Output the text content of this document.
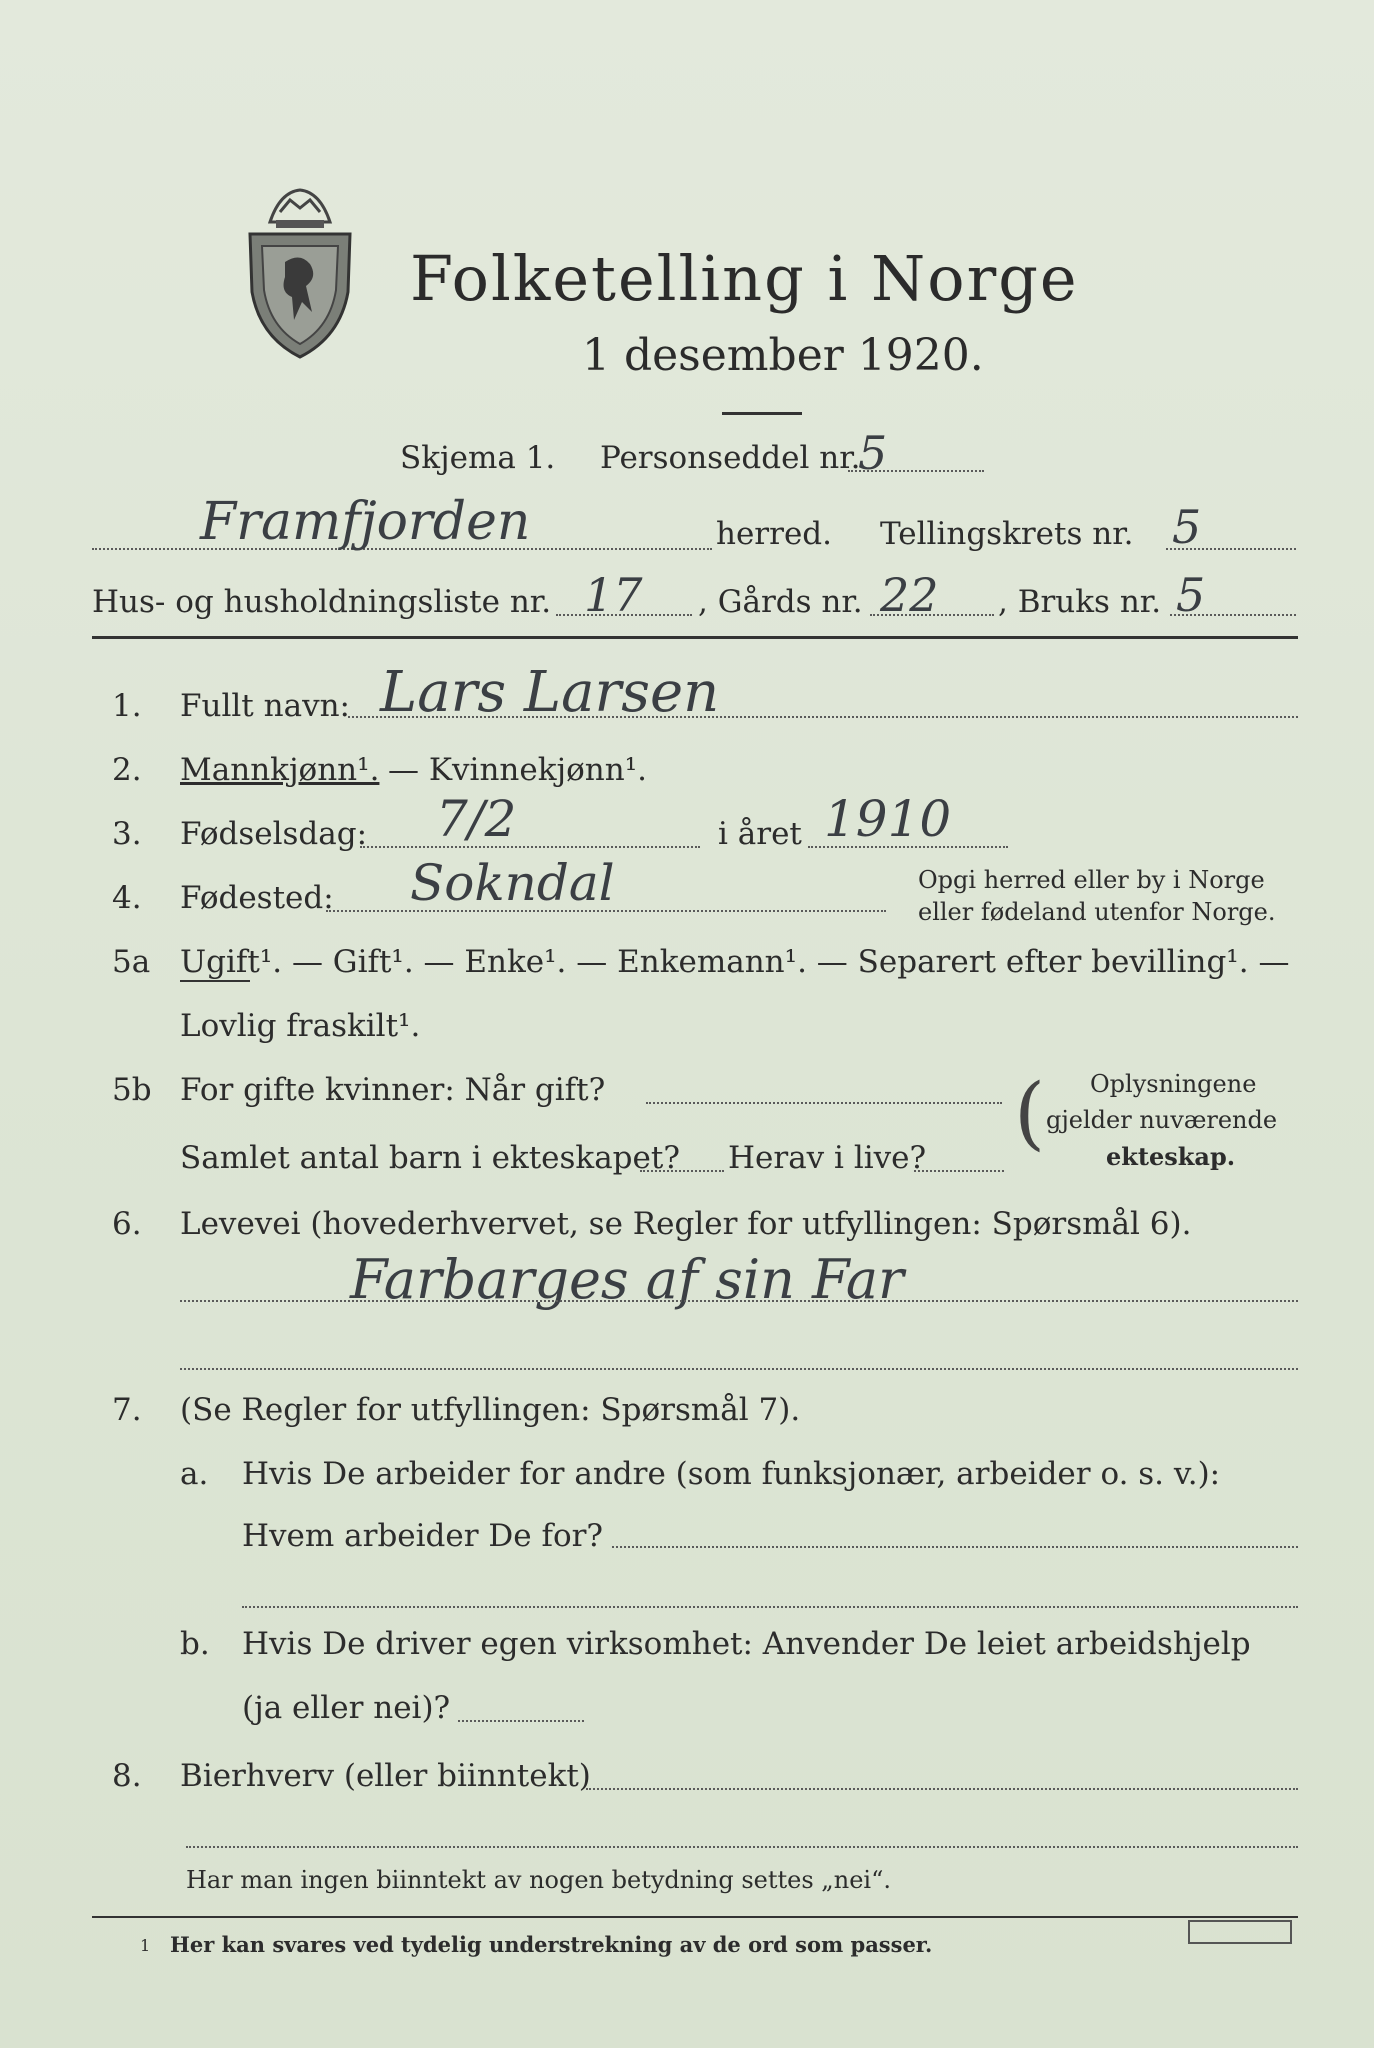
Folketelling i Norge
1 desember 1920.
Skjema 1. Personseddel nr.
5
Framfjorden	herred. Tellingskrets nr. 5
Hus- og husholdningsliste nr. 17 , Gårds nr. 22 , Bruks nr. 5
1. Fullt navn: Lars Larsen
2. Mannkjønn¹. — Kvinnekjønn¹.
3. Fødselsdag: 7/2	i året 1910
4. Fødested: Sokndal	Opgi herred eller by i Norge
eller fødeland utenfor Norge.
5a Ugift¹. — Gift¹. — Enke¹. — Enkemann¹. — Separert efter bevilling¹. —
Lovlig fraskilt¹.
5b For gifte kvinner: Når gift?
Samlet antal barn i ekteskapet? Herav i live? ( Oplysningene
gjelder nuværende
ekteskap.
6. Levevei (hovederhvervet, se Regler for utfyllingen: Spørsmål 6).
Farbarges af sin Far
7. (Se Regler for utfyllingen: Spørsmål 7).
a. Hvis De arbeider for andre (som funksjonær, arbeider o. s. v.):
Hvem arbeider De for?
b. Hvis De driver egen virksomhet: Anvender De leiet arbeidshjelp
(ja eller nei)?
8. Bierhverv (eller biinntekt)
Har man ingen biinntekt av nogen betydning settes „nei“.
1 Her kan svares ved tydelig understrekning av de ord som passer.
